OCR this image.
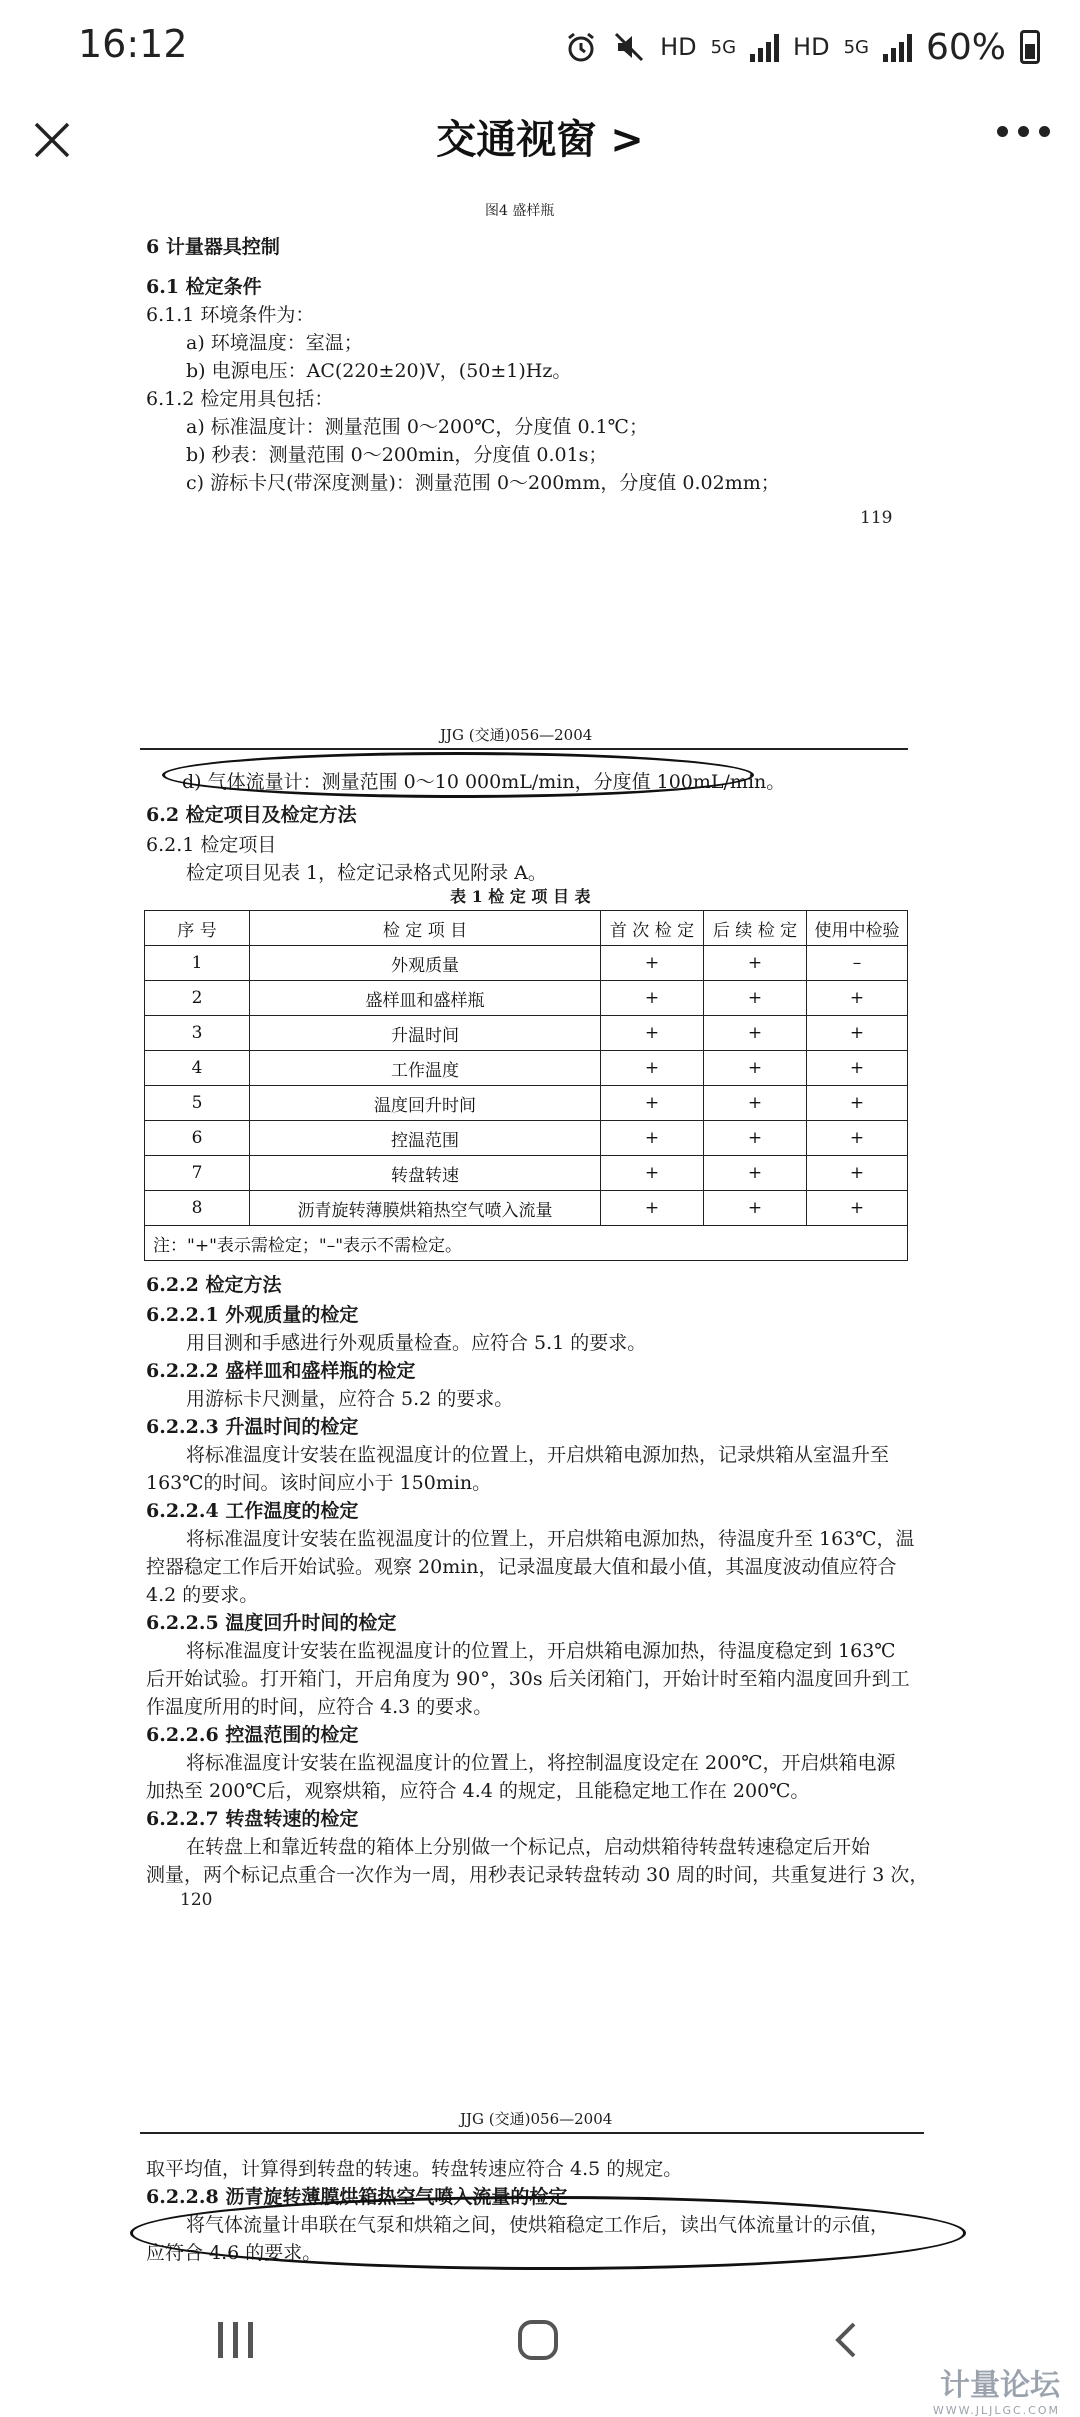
16:12	HD 5G HD 5G 60%
交通视窗 >
图4 盛样瓶
6 计量器具控制
6.1 检定条件
6.1.1 环境条件为：
a) 环境温度：室温；
b) 电源电压：AC(220±20)V，(50±1)Hz。
6.1.2 检定用具包括：
a) 标准温度计：测量范围 0～200℃，分度值 0.1℃；
b) 秒表：测量范围 0～200min，分度值 0.01s；
c) 游标卡尺(带深度测量)：测量范围 0～200mm，分度值 0.02mm；
119
JJG (交通)056—2004
d) 气体流量计：测量范围 0～10 000mL/min，分度值 100mL/min。
6.2 检定项目及检定方法
6.2.1 检定项目
检定项目见表 1，检定记录格式见附录 A。
表 1 检 定 项 目 表
序 号	检 定 项 目	首 次 检 定	后 续 检 定	使用中检验
1	外观质量	+	+	–
2	盛样皿和盛样瓶	+	+	+
3	升温时间	+	+	+
4	工作温度	+	+	+
5	温度回升时间	+	+	+
6	控温范围	+	+	+
7	转盘转速	+	+	+
8	沥青旋转薄膜烘箱热空气喷入流量	+	+	+
注："+"表示需检定；"–"表示不需检定。				
6.2.2 检定方法
6.2.2.1 外观质量的检定
用目测和手感进行外观质量检查。应符合 5.1 的要求。
6.2.2.2 盛样皿和盛样瓶的检定
用游标卡尺测量，应符合 5.2 的要求。
6.2.2.3 升温时间的检定
将标准温度计安装在监视温度计的位置上，开启烘箱电源加热，记录烘箱从室温升至
163℃的时间。该时间应小于 150min。
6.2.2.4 工作温度的检定
将标准温度计安装在监视温度计的位置上，开启烘箱电源加热，待温度升至 163℃，温
控器稳定工作后开始试验。观察 20min，记录温度最大值和最小值，其温度波动值应符合
4.2 的要求。
6.2.2.5 温度回升时间的检定
将标准温度计安装在监视温度计的位置上，开启烘箱电源加热，待温度稳定到 163℃
后开始试验。打开箱门，开启角度为 90°，30s 后关闭箱门，开始计时至箱内温度回升到工
作温度所用的时间，应符合 4.3 的要求。
6.2.2.6 控温范围的检定
将标准温度计安装在监视温度计的位置上，将控制温度设定在 200℃，开启烘箱电源
加热至 200℃后，观察烘箱，应符合 4.4 的规定，且能稳定地工作在 200℃。
6.2.2.7 转盘转速的检定
在转盘上和靠近转盘的箱体上分别做一个标记点，启动烘箱待转盘转速稳定后开始
测量，两个标记点重合一次作为一周，用秒表记录转盘转动 30 周的时间，共重复进行 3 次，
120
JJG (交通)056—2004
取平均值，计算得到转盘的转速。转盘转速应符合 4.5 的规定。
6.2.2.8 沥青旋转薄膜烘箱热空气喷入流量的检定
将气体流量计串联在气泵和烘箱之间，使烘箱稳定工作后，读出气体流量计的示值，
应符合 4.6 的要求。
计量论坛
WWW.JLJLGC.COM
